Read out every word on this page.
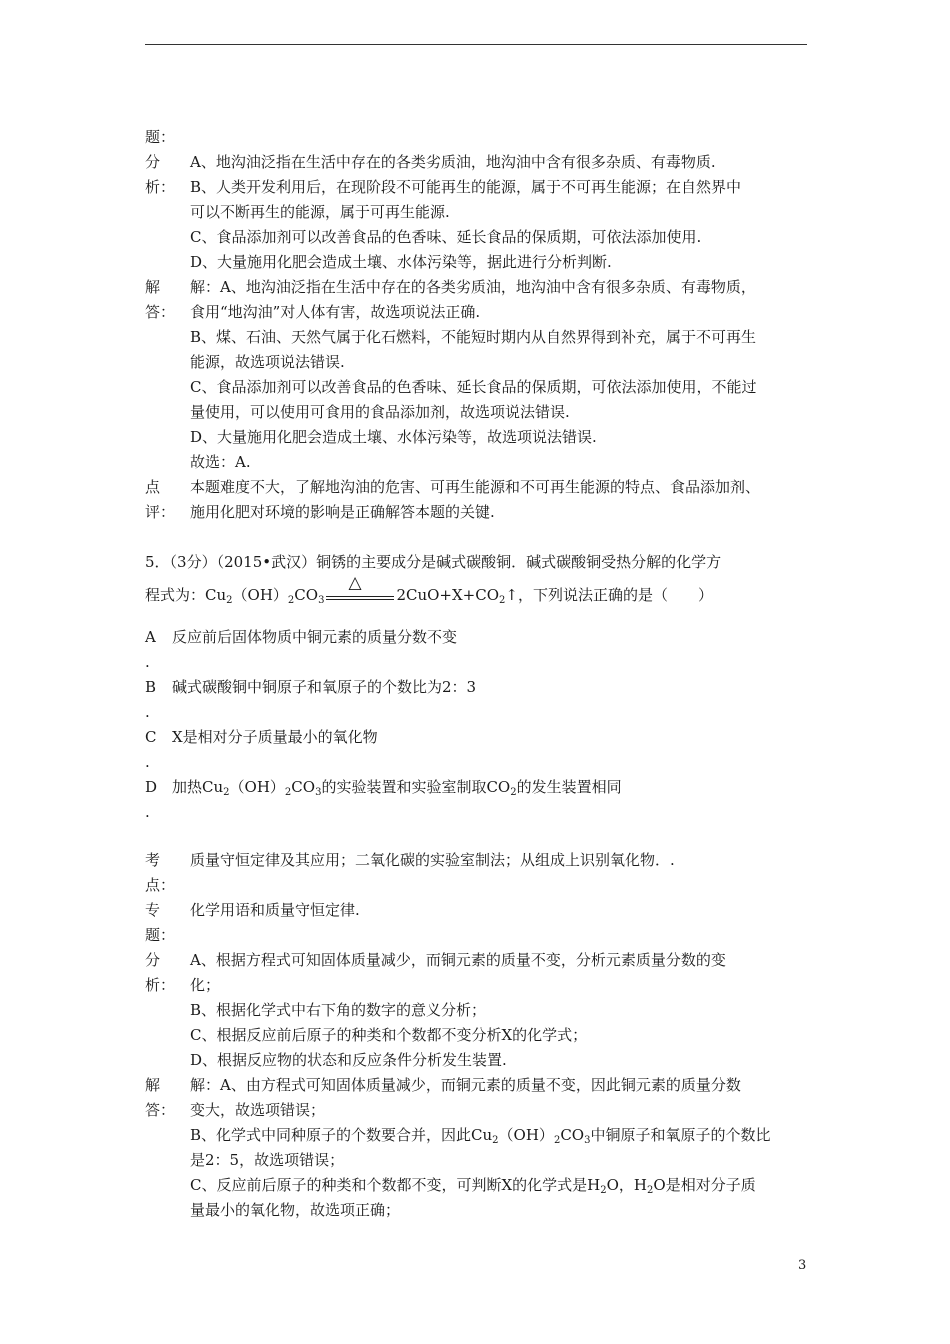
题：
分
析：
A、地沟油泛指在生活中存在的各类劣质油，地沟油中含有很多杂质、有毒物质.
B、人类开发利用后，在现阶段不可能再生的能源，属于不可再生能源；在自然界中
可以不断再生的能源，属于可再生能源.
C、食品添加剂可以改善食品的色香味、延长食品的保质期，可依法添加使用.
D、大量施用化肥会造成土壤、水体污染等，据此进行分析判断.
解
答：
解：A、地沟油泛指在生活中存在的各类劣质油，地沟油中含有很多杂质、有毒物质，
食用“地沟油”对人体有害，故选项说法正确.
B、煤、石油、天然气属于化石燃料，不能短时期内从自然界得到补充，属于不可再生
能源，故选项说法错误.
C、食品添加剂可以改善食品的色香味、延长食品的保质期，可依法添加使用，不能过
量使用，可以使用可食用的食品添加剂，故选项说法错误.
D、大量施用化肥会造成土壤、水体污染等，故选项说法错误.
故选：A.
点
评：
本题难度不大，了解地沟油的危害、可再生能源和不可再生能源的特点、食品添加剂、
施用化肥对环境的影响是正确解答本题的关键.
5．（3分）（2015•武汉）铜锈的主要成分是碱式碳酸铜．碱式碳酸铜受热分解的化学方
程式为：$Cu_2(OH)_2CO_3$
△
$2CuO+X+CO_2↑$，下列说法正确的是（　　）
A 反应前后固体物质中铜元素的质量分数不变
.
B 碱式碳酸铜中铜原子和氧原子的个数比为2：3
.
C X是相对分子质量最小的氧化物
.
D 加热$Cu_2(OH)_2CO_3$的实验装置和实验室制取$CO_2$的发生装置相同
.
考
点：
质量守恒定律及其应用；二氧化碳的实验室制法；从组成上识别氧化物．.
专
题：
化学用语和质量守恒定律.
分
析：
A、根据方程式可知固体质量减少，而铜元素的质量不变，分析元素质量分数的变
化；
B、根据化学式中右下角的数字的意义分析；
C、根据反应前后原子的种类和个数都不变分析X的化学式；
D、根据反应物的状态和反应条件分析发生装置.
解
答：
解：A、由方程式可知固体质量减少，而铜元素的质量不变，因此铜元素的质量分数
变大，故选项错误；
B、化学式中同种原子的个数要合并，因此$Cu_2(OH)_2CO_3$中铜原子和氧原子的个数比
是2：5，故选项错误；
C、反应前后原子的种类和个数都不变，可判断X的化学式是$H_2O$，$H_2O$是相对分子质
量最小的氧化物，故选项正确；
3
